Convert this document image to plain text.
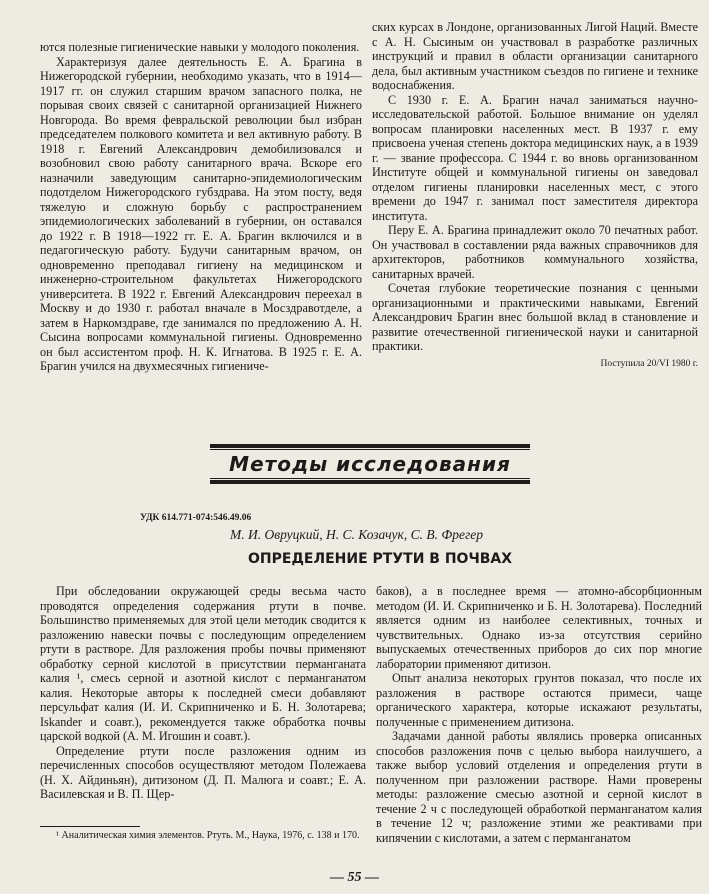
ются полезные гигиенические навыки у молодого поколения.

Характеризуя далее деятельность Е. А. Брагина в Нижегородской губернии, необходимо указать, что в 1914—1917 гг. он служил старшим врачом запасного полка, не порывая своих связей с санитарной организацией Нижнего Новгорода. Во время февральской революции был избран председателем полкового комитета и вел активную работу. В 1918 г. Евгений Александрович демобилизовался и возобновил свою работу санитарного врача. Вскоре его назначили заведующим санитарно-эпидемиологическим подотделом Нижегородского губздрава. На этом посту, ведя тяжелую и сложную борьбу с распространением эпидемиологических заболеваний в губернии, он оставался до 1922 г. В 1918—1922 гг. Е. А. Брагин включился и в педагогическую работу. Будучи санитарным врачом, он одновременно преподавал гигиену на медицинском и инженерно-строительном факультетах Нижегородского университета. В 1922 г. Евгений Александрович переехал в Москву и до 1930 г. работал вначале в Мосздравотделе, а затем в Наркомздраве, где занимался по предложению А. Н. Сысина вопросами коммунальной гигиены. Одновременно он был ассистентом проф. Н. К. Игнатова. В 1925 г. Е. А. Брагин учился на двухмесячных гигиениче-

ских курсах в Лондоне, организованных Лигой Наций. Вместе с А. Н. Сысиным он участвовал в разработке различных инструкций и правил в области организации санитарного дела, был активным участником съездов по гигиене и технике водоснабжения.

С 1930 г. Е. А. Брагин начал заниматься научно-исследовательской работой. Большое внимание он уделял вопросам планировки населенных мест. В 1937 г. ему присвоена ученая степень доктора медицинских наук, а в 1939 г. — звание профессора. С 1944 г. во вновь организованном Институте общей и коммунальной гигиены он заведовал отделом гигиены планировки населенных мест, с этого времени до 1947 г. занимал пост заместителя директора института.

Перу Е. А. Брагина принадлежит около 70 печатных работ. Он участвовал в составлении ряда важных справочников для архитекторов, работников коммунального хозяйства, санитарных врачей.

Сочетая глубокие теоретические познания с ценными организационными и практическими навыками, Евгений Александрович Брагин внес большой вклад в становление и развитие отечественной гигиенической науки и санитарной практики.

Поступила 20/VI 1980 г.
Методы исследования
УДК 614.771-074:546.49.06
М. И. Овруцкий, Н. С. Козачук, С. В. Фрегер
ОПРЕДЕЛЕНИЕ РТУТИ В ПОЧВАХ

При обследовании окружающей среды весьма часто проводятся определения содержания ртути в почве. Большинство применяемых для этой цели методик сводится к разложению навески почвы с последующим определением ртути в растворе. Для разложения пробы почвы применяют обработку серной кислотой в присутствии перманганата калия ¹, смесь серной и азотной кислот с перманганатом калия. Некоторые авторы к последней смеси добавляют персульфат калия (И. И. Скрипниченко и Б. Н. Золотарева; Iskander и соавт.), рекомендуется также обработка почвы царской водкой (А. М. Игошин и соавт.).

Определение ртути после разложения одним из перечисленных способов осуществляют методом Полежаева (Н. Х. Айдиньян), дитизоном (Д. П. Малюга и соавт.; Е. А. Василевская и В. П. Щер-

баков), а в последнее время — атомно-абсорбционным методом (И. И. Скрипниченко и Б. Н. Золотарева). Последний является одним из наиболее селективных, точных и чувствительных. Однако из-за отсутствия серийно выпускаемых отечественных приборов до сих пор многие лаборатории применяют дитизон.

Опыт анализа некоторых грунтов показал, что после их разложения в растворе остаются примеси, чаще органического характера, которые искажают результаты, полученные с применением дитизона.

Задачами данной работы являлись проверка описанных способов разложения почв с целью выбора наилучшего, а также выбор условий отделения и определения ртути в полученном при разложении растворе. Нами проверены методы: разложение смесью азотной и серной кислот в течение 2 ч с последующей обработкой перманганатом калия в течение 12 ч; разложение этими же реактивами при кипячении с кислотами, а затем с перманганатом

¹ Аналитическая химия элементов. Ртуть. М., Наука, 1976, с. 138 и 170.
— 55 —
